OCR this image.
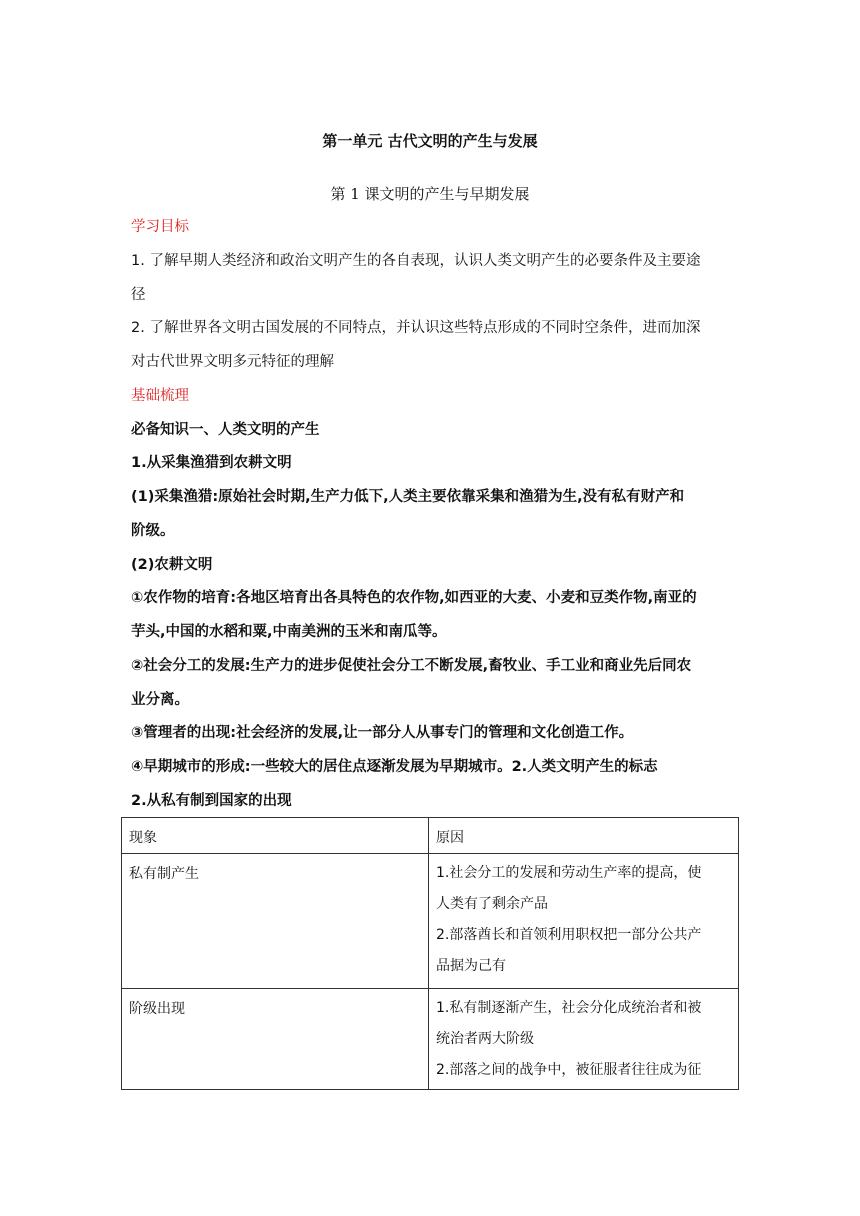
第一单元 古代文明的产生与发展
第 1 课文明的产生与早期发展
学习目标
1. 了解早期人类经济和政治文明产生的各自表现，认识人类文明产生的必要条件及主要途
径
2. 了解世界各文明古国发展的不同特点，并认识这些特点形成的不同时空条件，进而加深
对古代世界文明多元特征的理解
基础梳理
必备知识一、人类文明的产生
1.从采集渔猎到农耕文明
(1)采集渔猎:原始社会时期,生产力低下,人类主要依靠采集和渔猎为生,没有私有财产和
阶级。
(2)农耕文明
①农作物的培育:各地区培育出各具特色的农作物,如西亚的大麦、小麦和豆类作物,南亚的
芋头,中国的水稻和粟,中南美洲的玉米和南瓜等。
②社会分工的发展:生产力的进步促使社会分工不断发展,畜牧业、手工业和商业先后同农
业分离。
③管理者的出现:社会经济的发展,让一部分人从事专门的管理和文化创造工作。
④早期城市的形成:一些较大的居住点逐渐发展为早期城市。2.人类文明产生的标志
2.从私有制到国家的出现
现象	原因
私有制产生	1.社会分工的发展和劳动生产率的提高，使
人类有了剩余产品
2.部落酋长和首领利用职权把一部分公共产
品据为己有

阶级出现	1.私有制逐渐产生，社会分化成统治者和被
统治者两大阶级
2.部落之间的战争中，被征服者往往成为征
